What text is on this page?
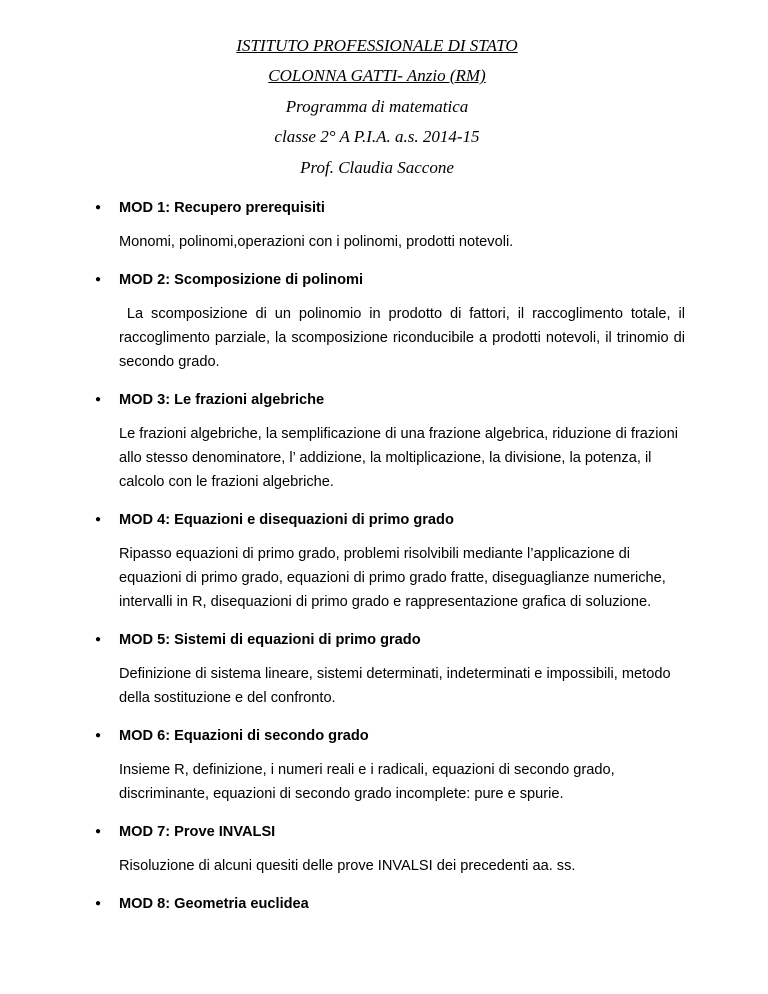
ISTITUTO PROFESSIONALE DI STATO
COLONNA GATTI- Anzio (RM)
Programma di matematica
classe 2° A P.I.A. a.s. 2014-15
Prof. Claudia Saccone
● MOD 1: Recupero prerequisiti
Monomi, polinomi,operazioni con i polinomi, prodotti notevoli.
● MOD 2: Scomposizione di polinomi
La scomposizione di un polinomio in prodotto di fattori, il raccoglimento totale, il raccoglimento parziale, la scomposizione riconducibile a prodotti notevoli, il trinomio di secondo grado.
● MOD 3: Le frazioni algebriche
Le frazioni algebriche, la semplificazione di una frazione algebrica, riduzione di frazioni allo stesso denominatore, l’ addizione, la moltiplicazione, la divisione, la potenza, il calcolo con le frazioni algebriche.
● MOD 4: Equazioni e disequazioni di primo grado
Ripasso equazioni di primo grado, problemi risolvibili mediante l’applicazione di equazioni di primo grado, equazioni di primo grado fratte, diseguaglianze numeriche, intervalli in R, disequazioni di primo grado e rappresentazione grafica di soluzione.
● MOD 5: Sistemi di equazioni di primo grado
Definizione di sistema lineare, sistemi determinati, indeterminati e impossibili, metodo della sostituzione e del confronto.
● MOD 6: Equazioni di secondo grado
Insieme R, definizione, i numeri reali e i radicali, equazioni di secondo grado, discriminante, equazioni di secondo grado incomplete: pure e spurie.
● MOD 7: Prove INVALSI
Risoluzione di alcuni quesiti delle prove INVALSI dei precedenti aa. ss.
● MOD 8: Geometria euclidea
